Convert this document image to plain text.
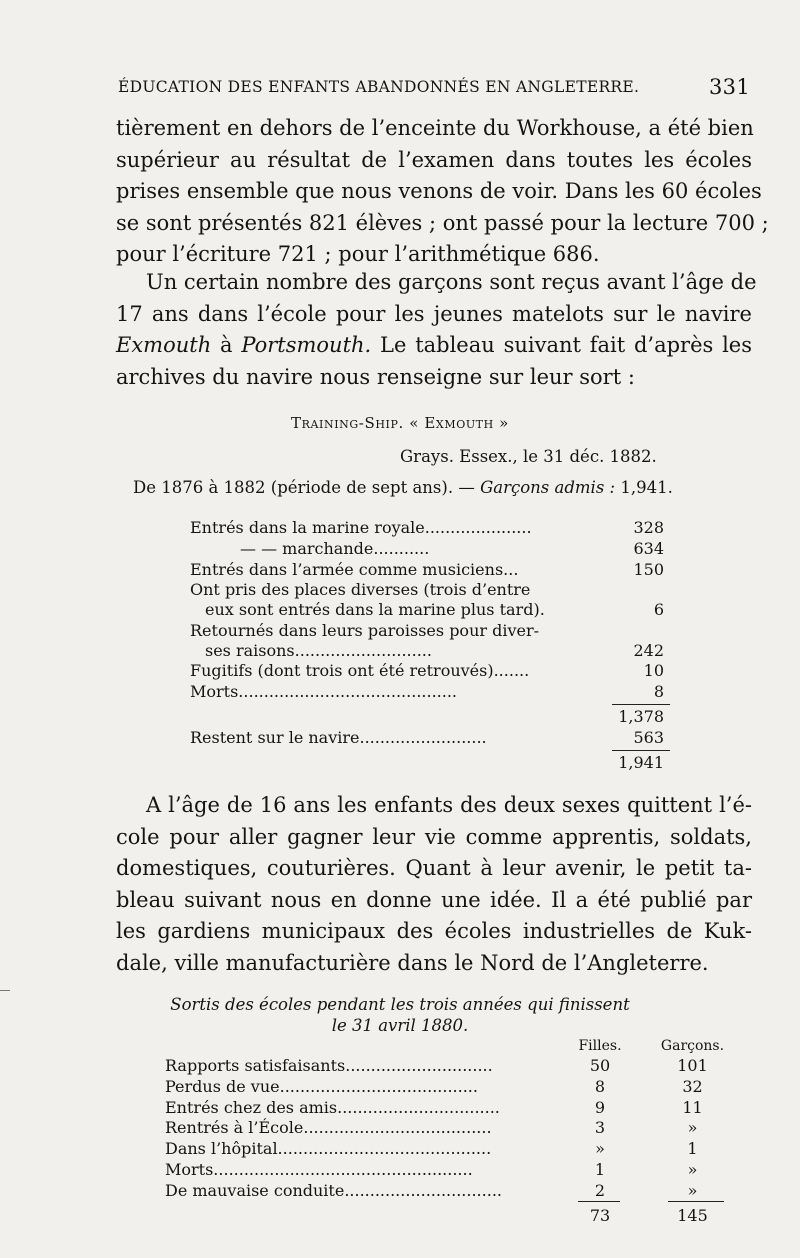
ÉDUCATION DES ENFANTS ABANDONNÉS EN ANGLETERRE.	331
tièrement en dehors de l’enceinte du Workhouse, a été bien
supérieur au résultat de l’examen dans toutes les écoles
prises ensemble que nous venons de voir. Dans les 60 écoles
se sont présentés 821 élèves ; ont passé pour la lecture 700 ;
pour l’écriture 721 ; pour l’arithmétique 686.
Un certain nombre des garçons sont reçus avant l’âge de
17 ans dans l’école pour les jeunes matelots sur le navire
Exmouth à Portsmouth. Le tableau suivant fait d’après les
archives du navire nous renseigne sur leur sort :
Training-Ship. « Exmouth »
Grays. Essex., le 31 déc. 1882.
De 1876 à 1882 (période de sept ans). — Garçons admis : 1,941.
Entrés dans la marine royale.....................	328
— — marchande...........	634
Entrés dans l’armée comme musiciens...	150
Ont pris des places diverses (trois d’entre
eux sont entrés dans la marine plus tard).	6
Retournés dans leurs paroisses pour diver-
ses raisons...........................	242
Fugitifs (dont trois ont été retrouvés).......	10
Morts...........................................	8
1,378
Restent sur le navire.........................	563
1,941
A l’âge de 16 ans les enfants des deux sexes quittent l’é-
cole pour aller gagner leur vie comme apprentis, soldats,
domestiques, couturières. Quant à leur avenir, le petit ta-
bleau suivant nous en donne une idée. Il a été publié par
les gardiens municipaux des écoles industrielles de Kuk-
dale, ville manufacturière dans le Nord de l’Angleterre.
Sortis des écoles pendant les trois années qui finissent
le 31 avril 1880.
Filles.	Garçons.
Rapports satisfaisants.............................	50	101
Perdus de vue.......................................	8	32
Entrés chez des amis................................	9	11
Rentrés à l’École.....................................	3	»
Dans l’hôpital..........................................	»	1
Morts...................................................	1	»
De mauvaise conduite...............................	2	»
73	145
